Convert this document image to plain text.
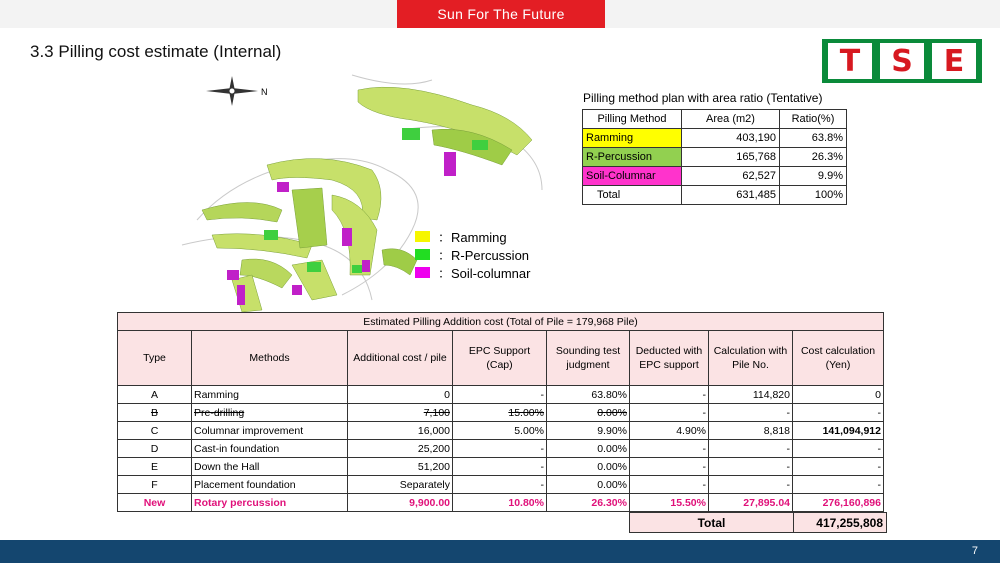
Sun For The Future
3.3 Pilling cost estimate (Internal)	T	S	E
N
：Ramming
：R-Percussion
：Soil-columnar
Pilling method plan with area ratio (Tentative)
Pilling Method	Area (m2)	Ratio(%)
Ramming	403,190	63.8%
R-Percussion	165,768	26.3%
Soil-Columnar	62,527	9.9%
Total	631,485	100%
Estimated Pilling Addition cost (Total of Pile = 179,968 Pile)							
Type	Methods	Additional cost / pile	EPC Support (Cap)	Sounding test judgment	Deducted with EPC support	Calculation with Pile No.	Cost calculation (Yen)
A	Ramming	0	-	63.80%	-	114,820	0
B	Pre-drilling	7,100	15.00%	0.00%	-	-	-
C	Columnar improvement	16,000	5.00%	9.90%	4.90%	8,818	141,094,912
D	Cast-in foundation	25,200	-	0.00%	-	-	-
E	Down the Hall	51,200	-	0.00%	-	-	-
F	Placement foundation	Separately	-	0.00%	-	-	-
New	Rotary percussion	9,900.00	10.80%	26.30%	15.50%	27,895.04	276,160,896
Total	417,255,808
7
